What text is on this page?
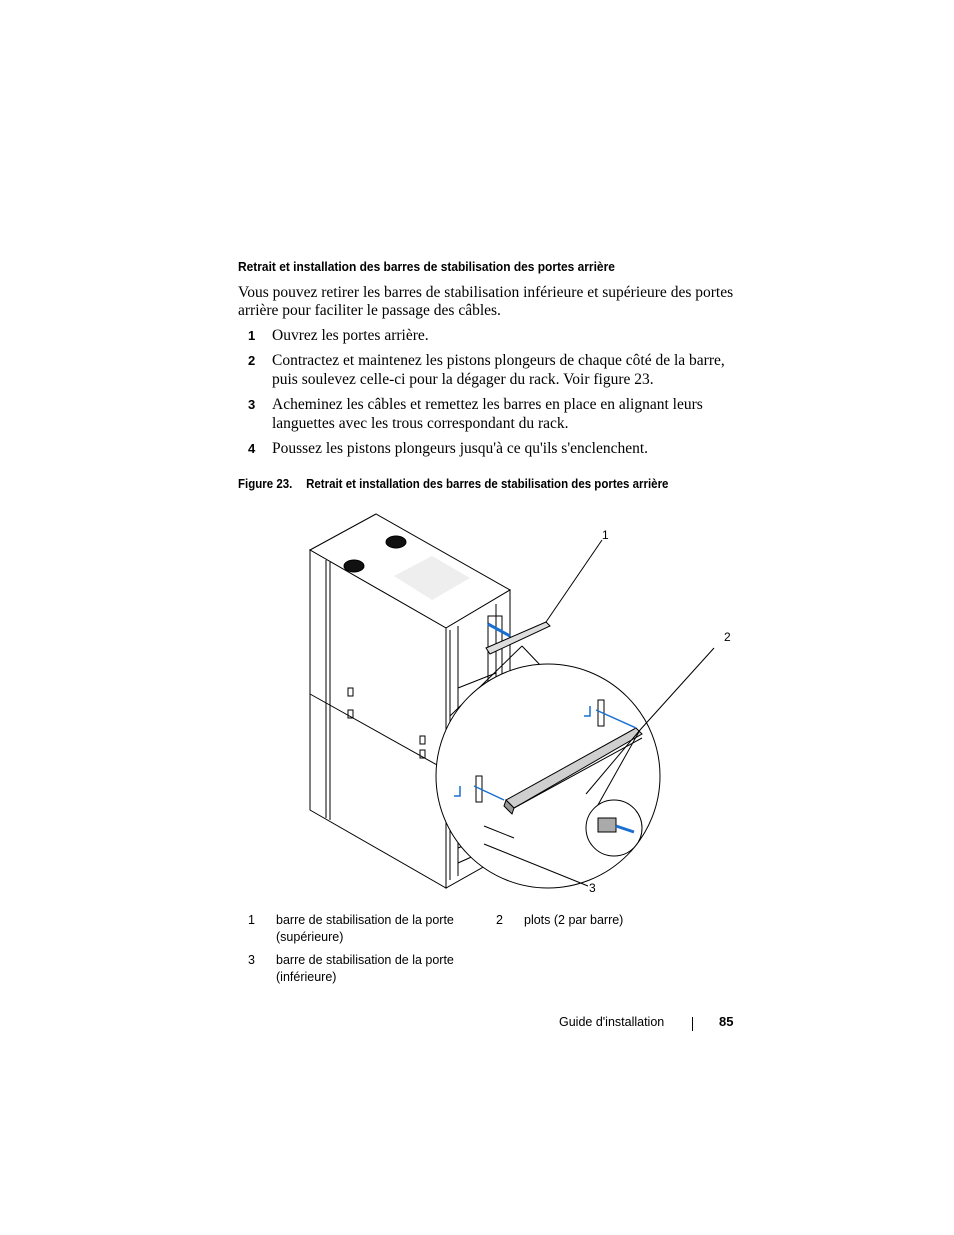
Retrait et installation des barres de stabilisation des portes arrière
Vous pouvez retirer les barres de stabilisation inférieure et supérieure des portes arrière pour faciliter le passage des câbles.
1 Ouvrez les portes arrière.
2 Contractez et maintenez les pistons plongeurs de chaque côté de la barre, puis soulevez celle-ci pour la dégager du rack. Voir figure 23.
3 Acheminez les câbles et remettez les barres en place en alignant leurs languettes avec les trous correspondant du rack.
4 Poussez les pistons plongeurs jusqu'à ce qu'ils s'enclenchent.
Figure 23. Retrait et installation des barres de stabilisation des portes arrière
1
2
3
1 barre de stabilisation de la porte (supérieure)
2 plots (2 par barre)
3 barre de stabilisation de la porte (inférieure)
Guide d'installation	85
